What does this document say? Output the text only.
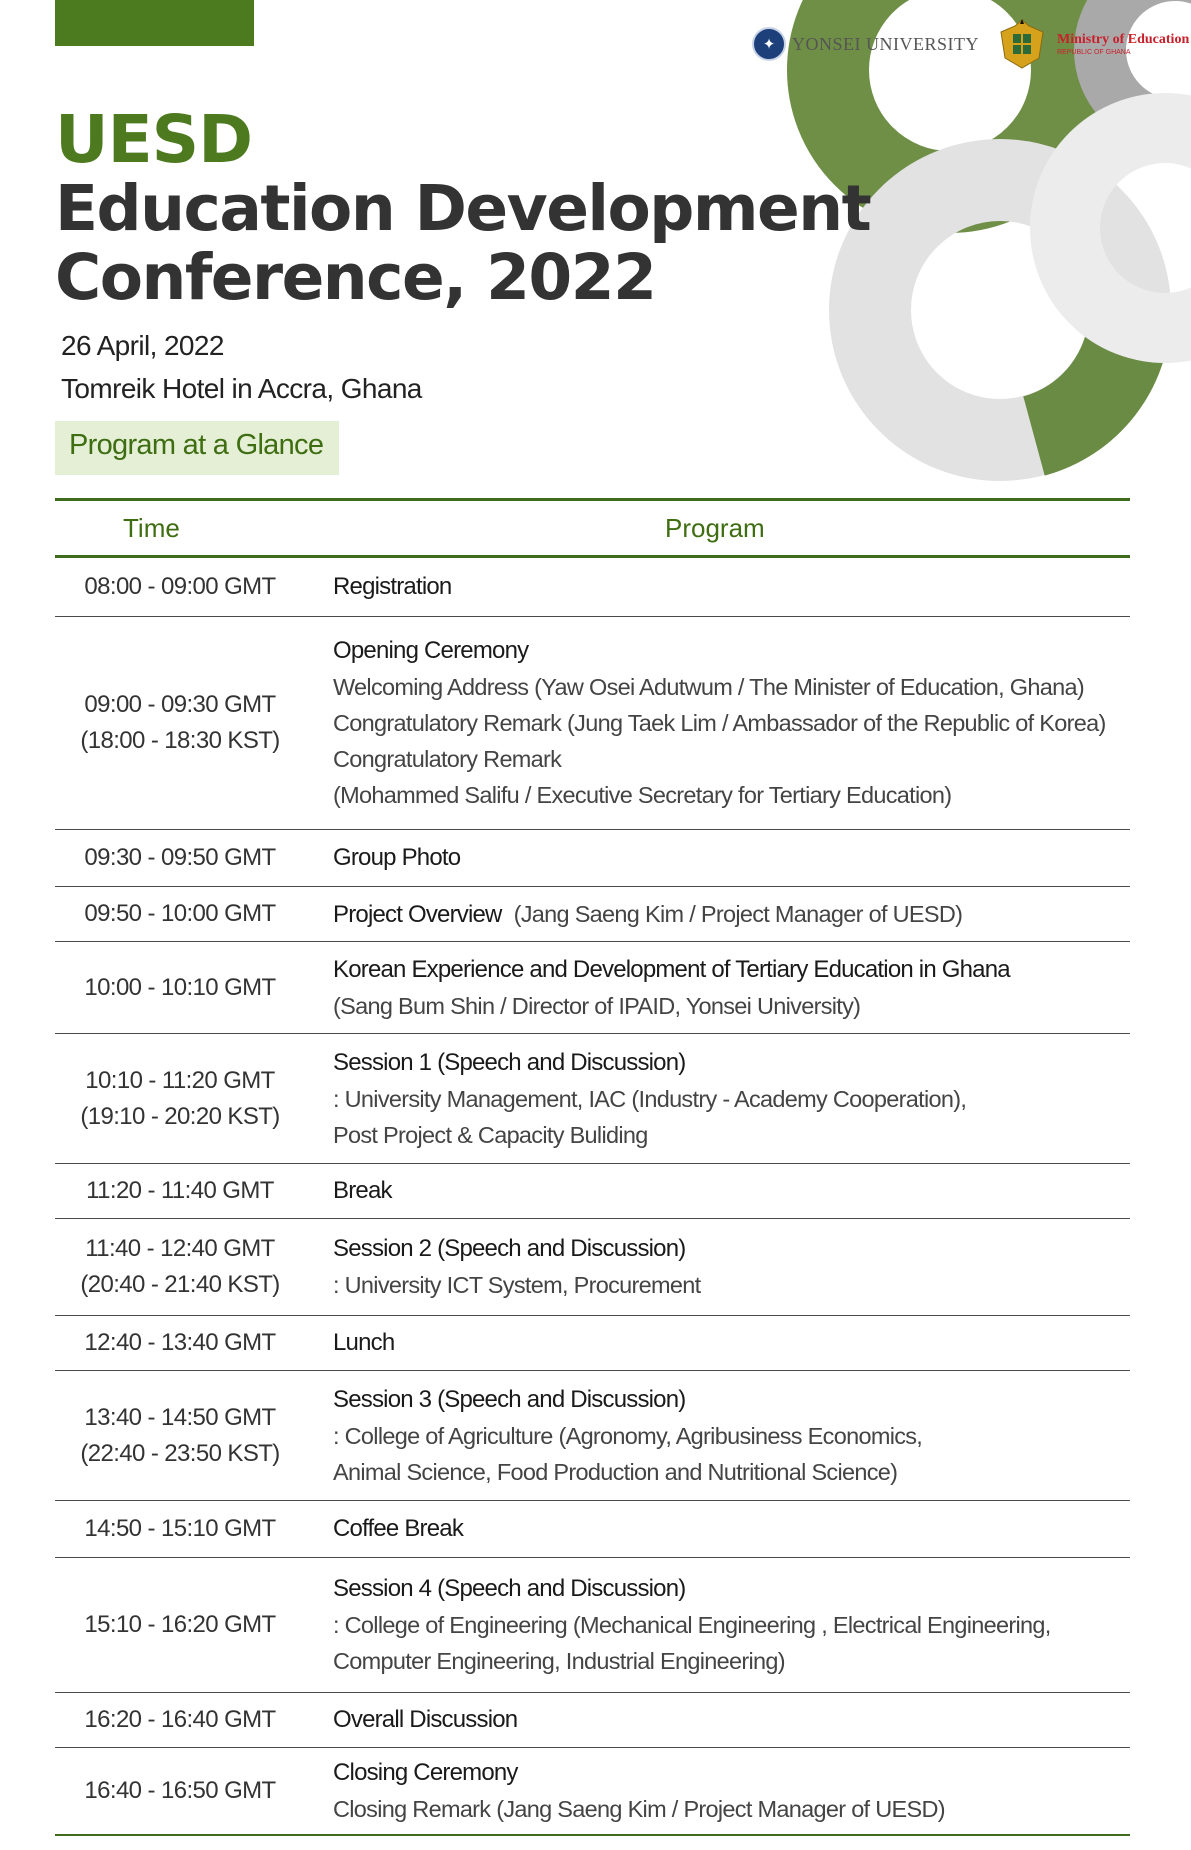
✦ YONSEI UNIVERSITY	Ministry of Education
REPUBLIC OF GHANA
UESD
Education Development
Conference, 2022
26 April, 2022
Tomreik Hotel in Accra, Ghana
Program at a Glance
Time	Program
08:00 - 09:00 GMT Registration
09:00 - 09:30 GMT
(18:00 - 18:30 KST)
Opening Ceremony
Welcoming Address (Yaw Osei Adutwum / The Minister of Education, Ghana)
Congratulatory Remark (Jung Taek Lim / Ambassador of the Republic of Korea)
Congratulatory Remark
(Mohammed Salifu / Executive Secretary for Tertiary Education)
09:30 - 09:50 GMT Group Photo
09:50 - 10:00 GMT Project Overview (Jang Saeng Kim / Project Manager of UESD)
10:00 - 10:10 GMT
Korean Experience and Development of Tertiary Education in Ghana
(Sang Bum Shin / Director of IPAID, Yonsei University)
10:10 - 11:20 GMT
(19:10 - 20:20 KST)
Session 1 (Speech and Discussion)
: University Management, IAC (Industry - Academy Cooperation),
Post Project & Capacity Buliding
11:20 - 11:40 GMT Break
11:40 - 12:40 GMT
(20:40 - 21:40 KST)
Session 2 (Speech and Discussion)
: University ICT System, Procurement
12:40 - 13:40 GMT Lunch
13:40 - 14:50 GMT
(22:40 - 23:50 KST)
Session 3 (Speech and Discussion)
: College of Agriculture (Agronomy, Agribusiness Economics,
Animal Science, Food Production and Nutritional Science)
14:50 - 15:10 GMT Coffee Break
15:10 - 16:20 GMT
Session 4 (Speech and Discussion)
: College of Engineering (Mechanical Engineering , Electrical Engineering,
Computer Engineering, Industrial Engineering)
16:20 - 16:40 GMT Overall Discussion
16:40 - 16:50 GMT
Closing Ceremony
Closing Remark (Jang Saeng Kim / Project Manager of UESD)
